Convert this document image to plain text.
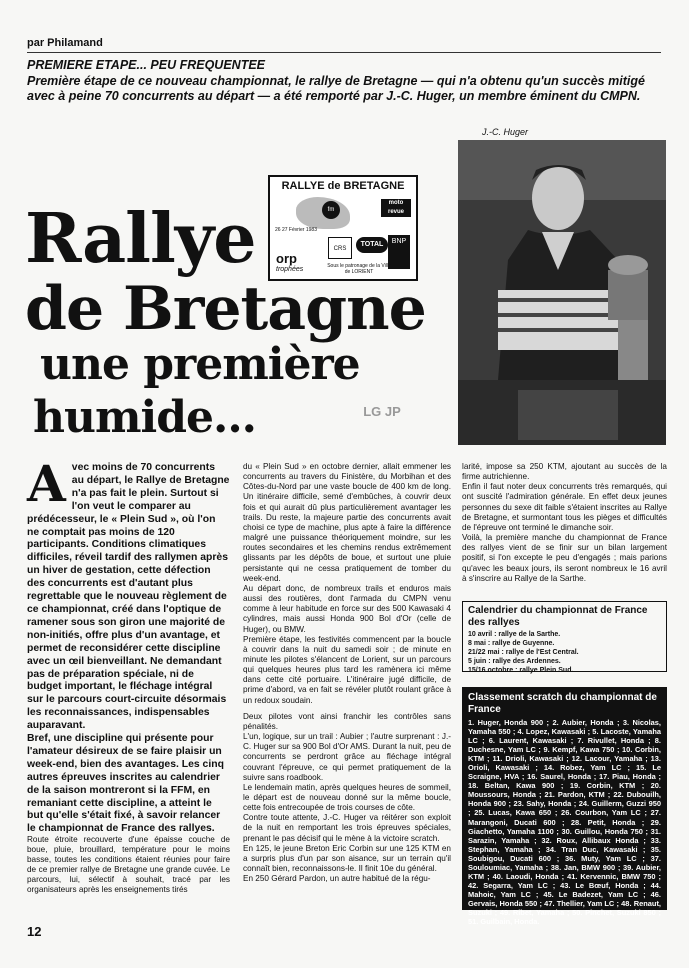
par Philamand
PREMIERE ETAPE... PEU FREQUENTEE
Première étape de ce nouveau championnat, le rallye de Bretagne — qui n'a obtenu qu'un succès mitigé avec à peine 70 concurrents au départ — a été remporté par J.-C. Huger, un membre éminent du CMPN.
J.-C. Huger
RALLYE de BRETAGNE
fm
moto revue
26 27 Février 1983
orp
trophées
CRS
TOTAL	BNP
Sous le patronage de la Ville de LORIENT
Rallye
de Bretagne
une première
humide...	LG JP
Avec moins de 70 concurrents au départ, le Rallye de Bretagne n'a pas fait le plein. Surtout si l'on veut le comparer au prédécesseur, le « Plein Sud », où l'on ne comptait pas moins de 120 participants. Conditions climatiques difficiles, réveil tardif des rallymen après un hiver de gestation, cette défection des concurrents est d'autant plus regrettable que le nouveau règlement de ce championnat, créé dans l'optique de ramener sous son giron une majorité de non-initiés, offre plus d'un avantage, et permet de reconsidérer cette discipline avec un œil bienveillant. Ne demandant pas de préparation spéciale, ni de budget important, le fléchage intégral sur le parcours court-circuite désormais les reconnaissances, indispensables auparavant.
Bref, une discipline qui présente pour l'amateur désireux de se faire plaisir un week-end, bien des avantages. Les cinq autres épreuves inscrites au calendrier de la saison montreront si la FFM, en remaniant cette discipline, a atteint le but qu'elle s'était fixé, à savoir relancer le championnat de France des rallyes.
Route étroite recouverte d'une épaisse couche de boue, pluie, brouillard, température pour le moins basse, toutes les conditions étaient réunies pour faire de ce premier rallye de Bretagne une grande cuvée. Le parcours, lui, sélectif à souhait, tracé par les organisateurs après les enseignements tirés

du « Plein Sud » en octobre dernier, allait emmener les concurrents au travers du Finistère, du Morbihan et des Côtes-du-Nord par une vaste boucle de 400 km de long. Un itinéraire difficile, semé d'embûches, à couvrir deux fois et qui aurait dû plus particulièrement avantager les trails. Du reste, la majeure partie des concurrents avait choisi ce type de machine, plus apte à faire la différence malgré une puissance théoriquement moindre, sur les routes secondaires et les chemins rendus extrêmement glissants par les dépôts de boue, et surtout une pluie persistante qui ne cessa pratiquement de tomber du week-end.

Au départ donc, de nombreux trails et enduros mais aussi des routières, dont l'armada du CMPN venu comme à leur habitude en force sur des 500 Kawasaki 4 cylindres, mais aussi Honda 900 Bol d'Or (celle de Huger), ou BMW.

Première étape, les festivités commencent par la boucle à couvrir dans la nuit du samedi soir ; de minute en minute les pilotes s'élancent de Lorient, sur un parcours qui quelques heures plus tard les ramènera ici même dans cette cité portuaire. L'itinéraire jugé difficile, de prime d'abord, va en fait se révéler plutôt roulant grâce à un redoux soudain.

Deux pilotes vont ainsi franchir les contrôles sans pénalités.

L'un, logique, sur un trail : Aubier ; l'autre surprenant : J.-C. Huger sur sa 900 Bol d'Or AMS. Durant la nuit, peu de concurrents se perdront grâce au fléchage intégral couvrant l'épreuve, ce qui permet pratiquement de la suivre sans roadbook.

Le lendemain matin, après quelques heures de sommeil, le départ est de nouveau donné sur la même boucle, cette fois entrecoupée de trois courses de côte.

Contre toute attente, J.-C. Huger va réitérer son exploit de la nuit en remportant les trois épreuves spéciales, prenant le pas décisif qui le mène à la victoire scratch.

En 125, le jeune Breton Eric Corbin sur une 125 KTM en a surpris plus d'un par son aisance, sur un terrain qu'il connaît bien, reconnaissons-le. Il finit 10e du général.

En 250 Gérard Pardon, un autre habitué de la régu-

larité, impose sa 250 KTM, ajoutant au succès de la firme autrichienne.

Enfin il faut noter deux concurrents très remarqués, qui ont suscité l'admiration générale. En effet deux jeunes personnes du sexe dit faible s'étaient inscrites au Rallye de Bretagne, et surmontant tous les pièges et difficultés de l'épreuve ont terminé le dimanche soir.

Voilà, la première manche du championnat de France des rallyes vient de se finir sur un bilan largement positif, si l'on excepte le peu d'engagés ; mais parions qu'avec les beaux jours, ils seront nombreux le 16 avril à s'inscrire au Rallye de la Sarthe.

Calendrier du championnat de France des rallyes
10 avril : rallye de la Sarthe.
8 mai : rallye de Guyenne.
21/22 mai : rallye de l'Est Central.
5 juin : rallye des Ardennes.
15/16 octobre : rallye Plein Sud.
Classement scratch du championnat de France
1. Huger, Honda 900 ; 2. Aubier, Honda ; 3. Nicolas, Yamaha 550 ; 4. Lopez, Kawasaki ; 5. Lacoste, Yamaha LC ; 6. Laurent, Kawasaki ; 7. Rivullet, Honda ; 8. Duchesne, Yam LC ; 9. Kempf, Kawa 750 ; 10. Corbin, KTM ; 11. Drioli, Kawasaki ; 12. Lacour, Yamaha ; 13. Orioli, Kawasaki ; 14. Robez, Yam LC ; 15. Le Scraigne, HVA ; 16. Saurel, Honda ; 17. Piau, Honda ; 18. Beltan, Kawa 900 ; 19. Corbin, KTM ; 20. Moussours, Honda ; 21. Pardon, KTM ; 22. Dubouilh, Honda 900 ; 23. Sahy, Honda ; 24. Guillerm, Guzzi 950 ; 25. Lucas, Kawa 650 ; 26. Courbon, Yam LC ; 27. Marangoni, Ducati 600 ; 28. Petit, Honda ; 29. Giachetto, Yamaha 1100 ; 30. Guillou, Honda 750 ; 31. Sarazin, Yamaha ; 32. Roux, Allibaux Honda ; 33. Stephan, Yamaha ; 34. Tran Duc, Kawasaki ; 35. Soubigou, Ducati 600 ; 36. Muty, Yam LC ; 37. Souloumiac, Yamaha ; 38. Jan, BMW 900 ; 39. Aubier, KTM ; 40. Laoudi, Honda ; 41. Kervennic, BMW 750 ; 42. Segarra, Yam LC ; 43. Le Bœuf, Honda ; 44. Mahoic, Yam LC ; 45. Le Badezet, Yam LC ; 46. Gervais, Honda 550 ; 47. Thellier, Yam LC ; 48. Renaut, Suzuki ; 49. Ribet, Yamaha ; 50. Pinchet, Suzuki 850 ; 51. Guilbain, Honda.
12
